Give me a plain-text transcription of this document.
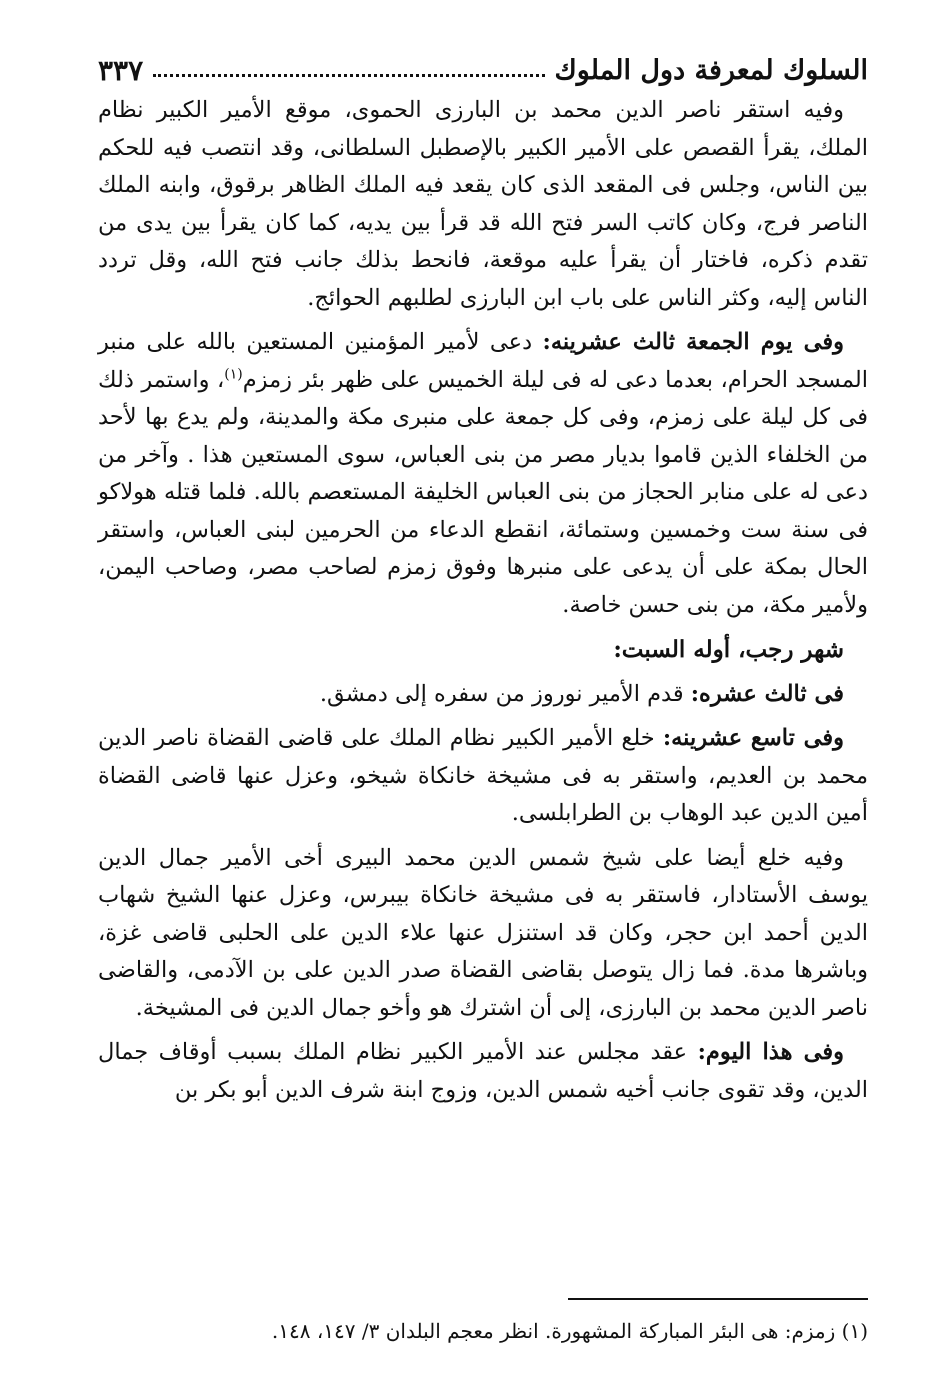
السلوك لمعرفة دول الملوك
٣٣٧

وفيه استقر ناصر الدين محمد بن البارزى الحموى، موقع الأمير الكبير نظام الملك، يقرأ القصص على الأمير الكبير بالإصطبل السلطانى، وقد انتصب فيه للحكم بين الناس، وجلس فى المقعد الذى كان يقعد فيه الملك الظاهر برقوق، وابنه الملك الناصر فرج، وكان كاتب السر فتح الله قد قرأ بين يديه، كما كان يقرأ بين يدى من تقدم ذكره، فاختار أن يقرأ عليه موقعة، فانحط بذلك جانب فتح الله، وقل تردد الناس إليه، وكثر الناس على باب ابن البارزى لطلبهم الحوائج.

وفى يوم الجمعة ثالث عشرينه: دعى لأمير المؤمنين المستعين بالله على منبر المسجد الحرام، بعدما دعى له فى ليلة الخميس على ظهر بئر زمزم$^{(١)}$، واستمر ذلك فى كل ليلة على زمزم، وفى كل جمعة على منبرى مكة والمدينة، ولم يدع بها لأحد من الخلفاء الذين قاموا بديار مصر من بنى العباس، سوى المستعين هذا . وآخر من دعى له على منابر الحجاز من بنى العباس الخليفة المستعصم بالله. فلما قتله هولاكو فى سنة ست وخمسين وستمائة، انقطع الدعاء من الحرمين لبنى العباس، واستقر الحال بمكة على أن يدعى على منبرها وفوق زمزم لصاحب مصر، وصاحب اليمن، ولأمير مكة، من بنى حسن خاصة.

شهر رجب، أوله السبت:

فى ثالث عشره: قدم الأمير نوروز من سفره إلى دمشق.

وفى تاسع عشرينه: خلع الأمير الكبير نظام الملك على قاضى القضاة ناصر الدين محمد بن العديم، واستقر به فى مشيخة خانكاة شيخو، وعزل عنها قاضى القضاة أمين الدين عبد الوهاب بن الطرابلسى.

وفيه خلع أيضا على شيخ شمس الدين محمد البيرى أخى الأمير جمال الدين يوسف الأستادار، فاستقر به فى مشيخة خانكاة بيبرس، وعزل عنها الشيخ شهاب الدين أحمد ابن حجر، وكان قد استنزل عنها علاء الدين على الحلبى قاضى غزة، وباشرها مدة. فما زال يتوصل بقاضى القضاة صدر الدين على بن الآدمى، والقاضى ناصر الدين محمد بن البارزى، إلى أن اشترك هو وأخو جمال الدين فى المشيخة.

وفى هذا اليوم: عقد مجلس عند الأمير الكبير نظام الملك بسبب أوقاف جمال الدين، وقد تقوى جانب أخيه شمس الدين، وزوج ابنة شرف الدين أبو بكر بن

(١) زمزم: هى البئر المباركة المشهورة. انظر معجم البلدان ٣/ ١٤٧، ١٤٨.
